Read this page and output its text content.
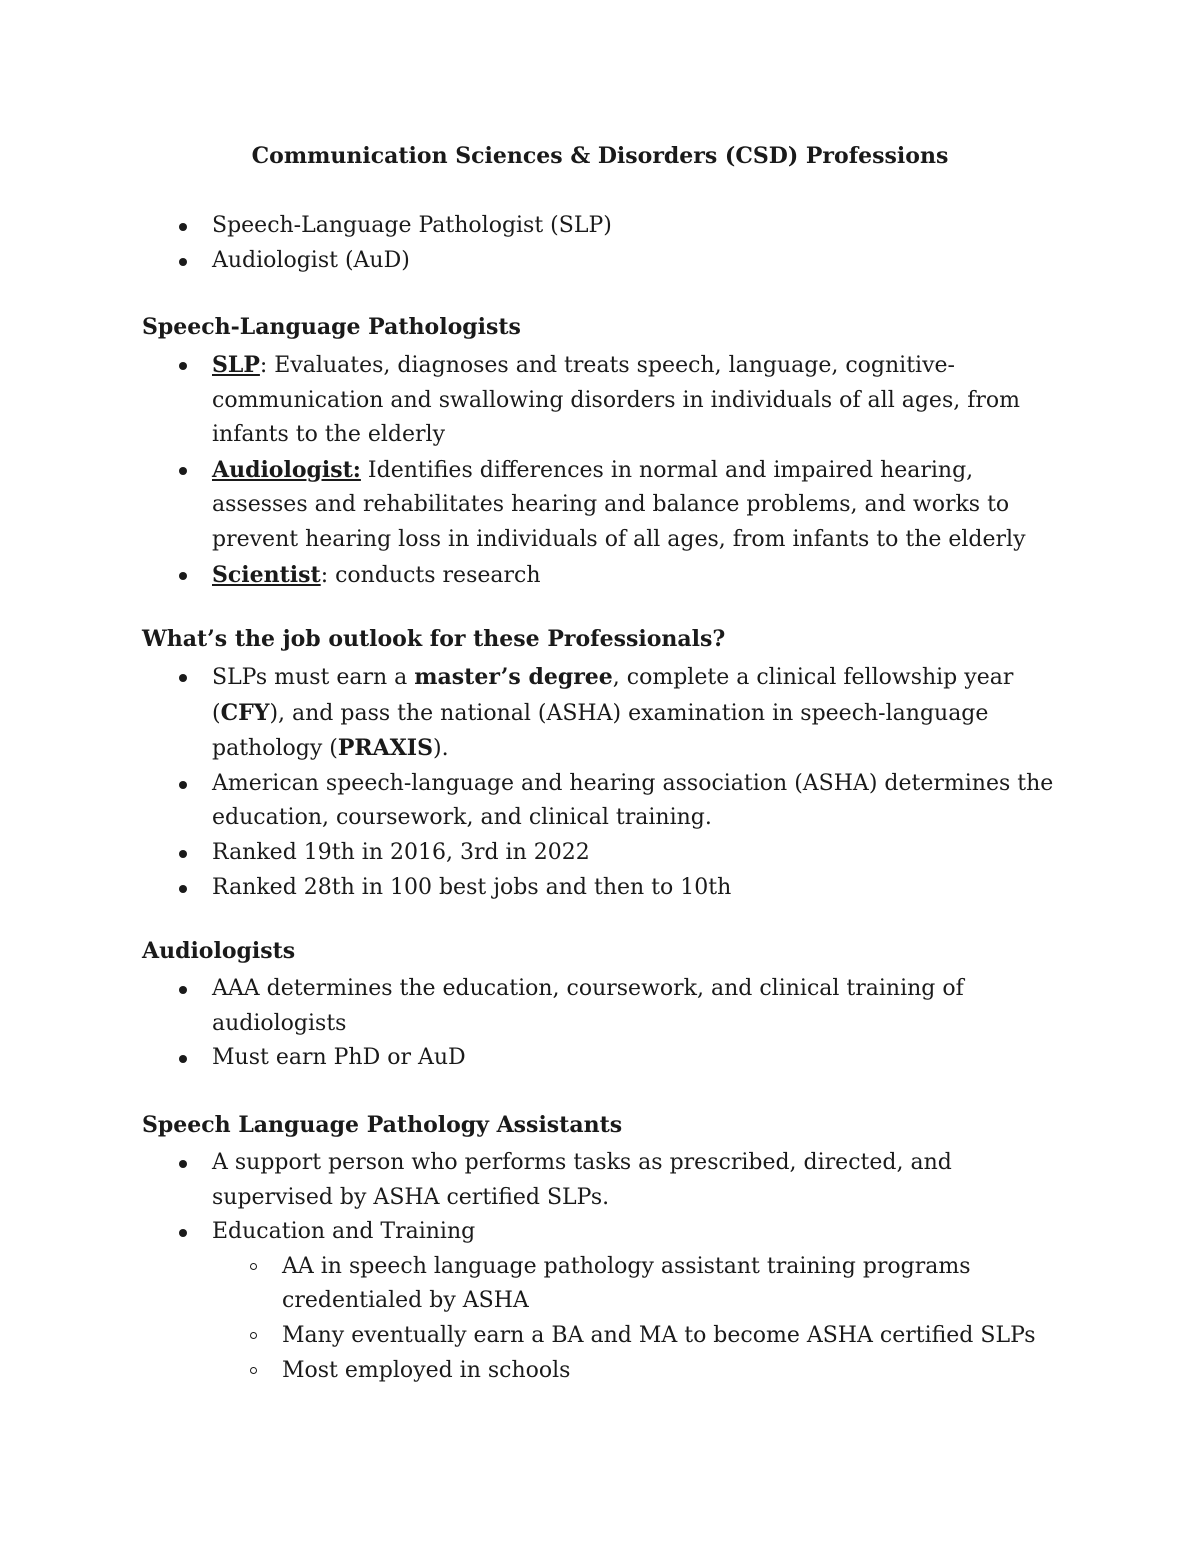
Communication Sciences & Disorders (CSD) Professions
Speech-Language Pathologist (SLP)
Audiologist (AuD)
Speech-Language Pathologists
SLP: Evaluates, diagnoses and treats speech, language, cognitive-communication and swallowing disorders in individuals of all ages, from infants to the elderly
Audiologist: Identifies differences in normal and impaired hearing, assesses and rehabilitates hearing and balance problems, and works to prevent hearing loss in individuals of all ages, from infants to the elderly
Scientist: conducts research
What’s the job outlook for these Professionals?
SLPs must earn a master’s degree, complete a clinical fellowship year (CFY), and pass the national (ASHA) examination in speech-language pathology (PRAXIS).
American speech-language and hearing association (ASHA) determines the education, coursework, and clinical training.
Ranked 19th in 2016, 3rd in 2022
Ranked 28th in 100 best jobs and then to 10th
Audiologists
AAA determines the education, coursework, and clinical training of audiologists
Must earn PhD or AuD
Speech Language Pathology Assistants
A support person who performs tasks as prescribed, directed, and supervised by ASHA certified SLPs.
Education and Training
AA in speech language pathology assistant training programs credentialed by ASHA
Many eventually earn a BA and MA to become ASHA certified SLPs
Most employed in schools
